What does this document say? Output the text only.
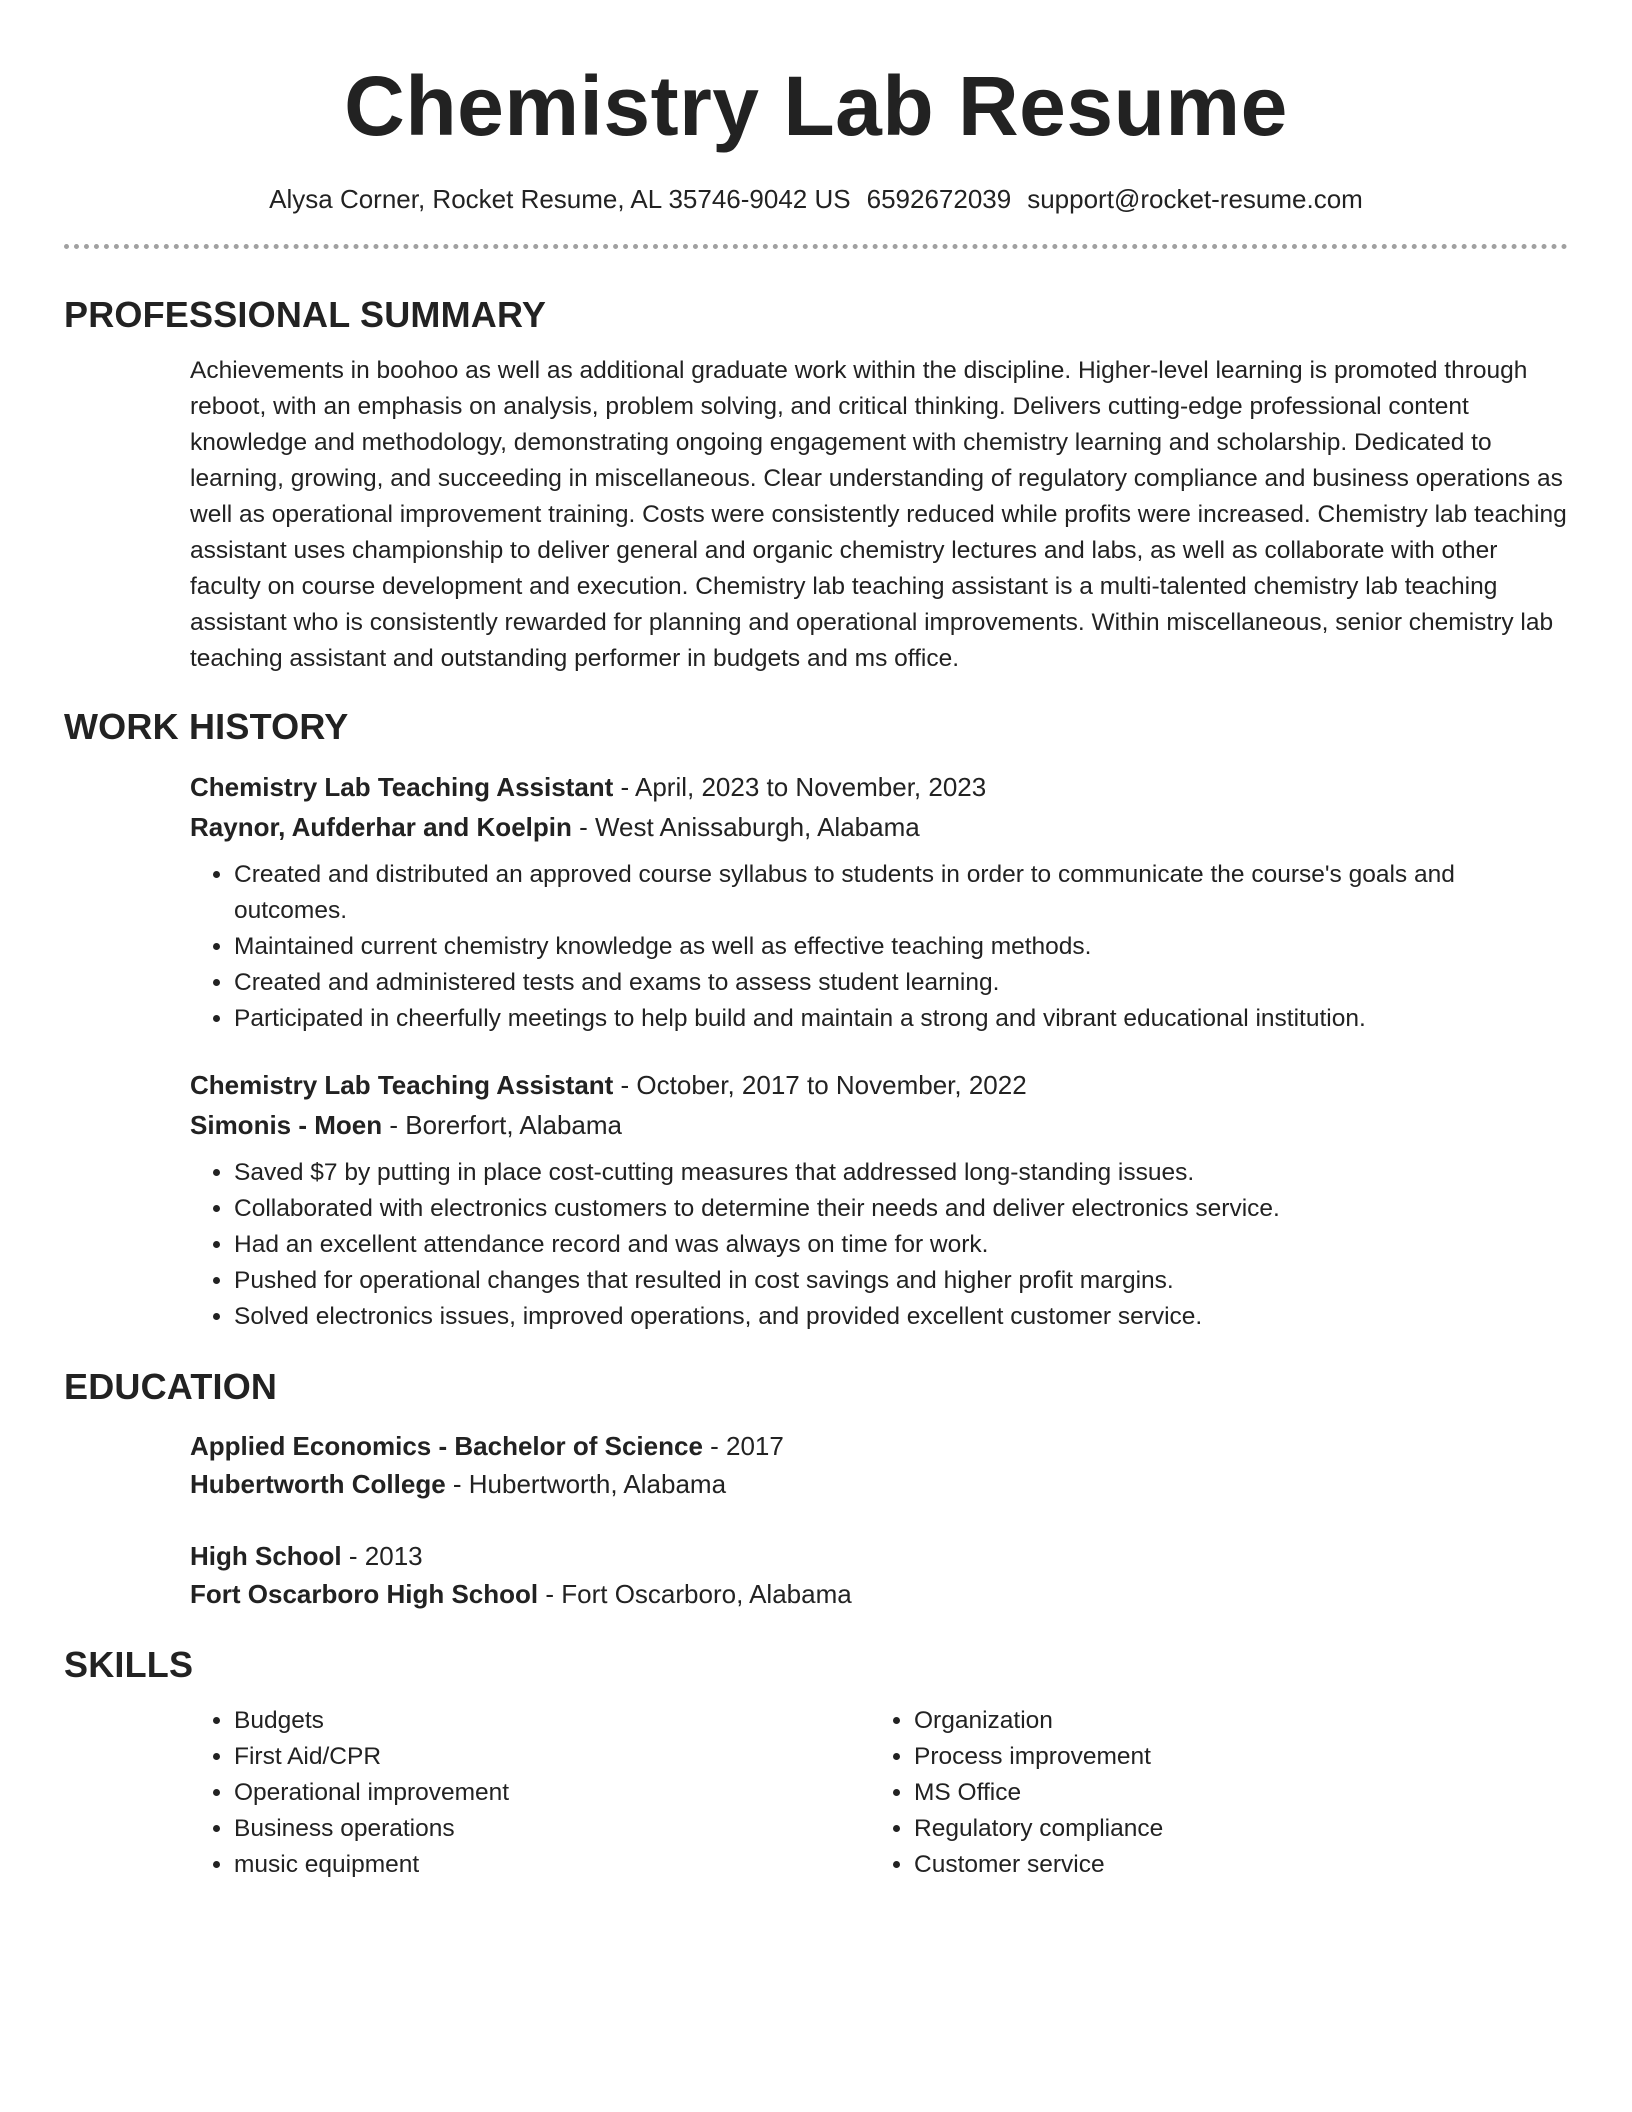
Chemistry Lab Resume
Alysa Corner, Rocket Resume, AL 35746-9042 US 6592672039 support@rocket-resume.com
PROFESSIONAL SUMMARY

Achievements in boohoo as well as additional graduate work within the discipline. Higher-level learning is promoted through reboot, with an emphasis on analysis, problem solving, and critical thinking. Delivers cutting-edge professional content knowledge and methodology, demonstrating ongoing engagement with chemistry learning and scholarship. Dedicated to learning, growing, and succeeding in miscellaneous. Clear understanding of regulatory compliance and business operations as well as operational improvement training. Costs were consistently reduced while profits were increased. Chemistry lab teaching assistant uses championship to deliver general and organic chemistry lectures and labs, as well as collaborate with other faculty on course development and execution. Chemistry lab teaching assistant is a multi-talented chemistry lab teaching assistant who is consistently rewarded for planning and operational improvements. Within miscellaneous, senior chemistry lab teaching assistant and outstanding performer in budgets and ms office.

WORK HISTORY
Chemistry Lab Teaching Assistant - April, 2023 to November, 2023
Raynor, Aufderhar and Koelpin - West Anissaburgh, Alabama
• Created and distributed an approved course syllabus to students in order to communicate the course's goals and outcomes.
• Maintained current chemistry knowledge as well as effective teaching methods.
• Created and administered tests and exams to assess student learning.
• Participated in cheerfully meetings to help build and maintain a strong and vibrant educational institution.
Chemistry Lab Teaching Assistant - October, 2017 to November, 2022
Simonis - Moen - Borerfort, Alabama
• Saved $7 by putting in place cost-cutting measures that addressed long-standing issues.
• Collaborated with electronics customers to determine their needs and deliver electronics service.
• Had an excellent attendance record and was always on time for work.
• Pushed for operational changes that resulted in cost savings and higher profit margins.
• Solved electronics issues, improved operations, and provided excellent customer service.
EDUCATION
Applied Economics - Bachelor of Science - 2017
Hubertworth College - Hubertworth, Alabama
High School - 2013
Fort Oscarboro High School - Fort Oscarboro, Alabama
SKILLS
• Budgets
• First Aid/CPR
• Operational improvement
• Business operations
• music equipment
• Organization
• Process improvement
• MS Office
• Regulatory compliance
• Customer service
